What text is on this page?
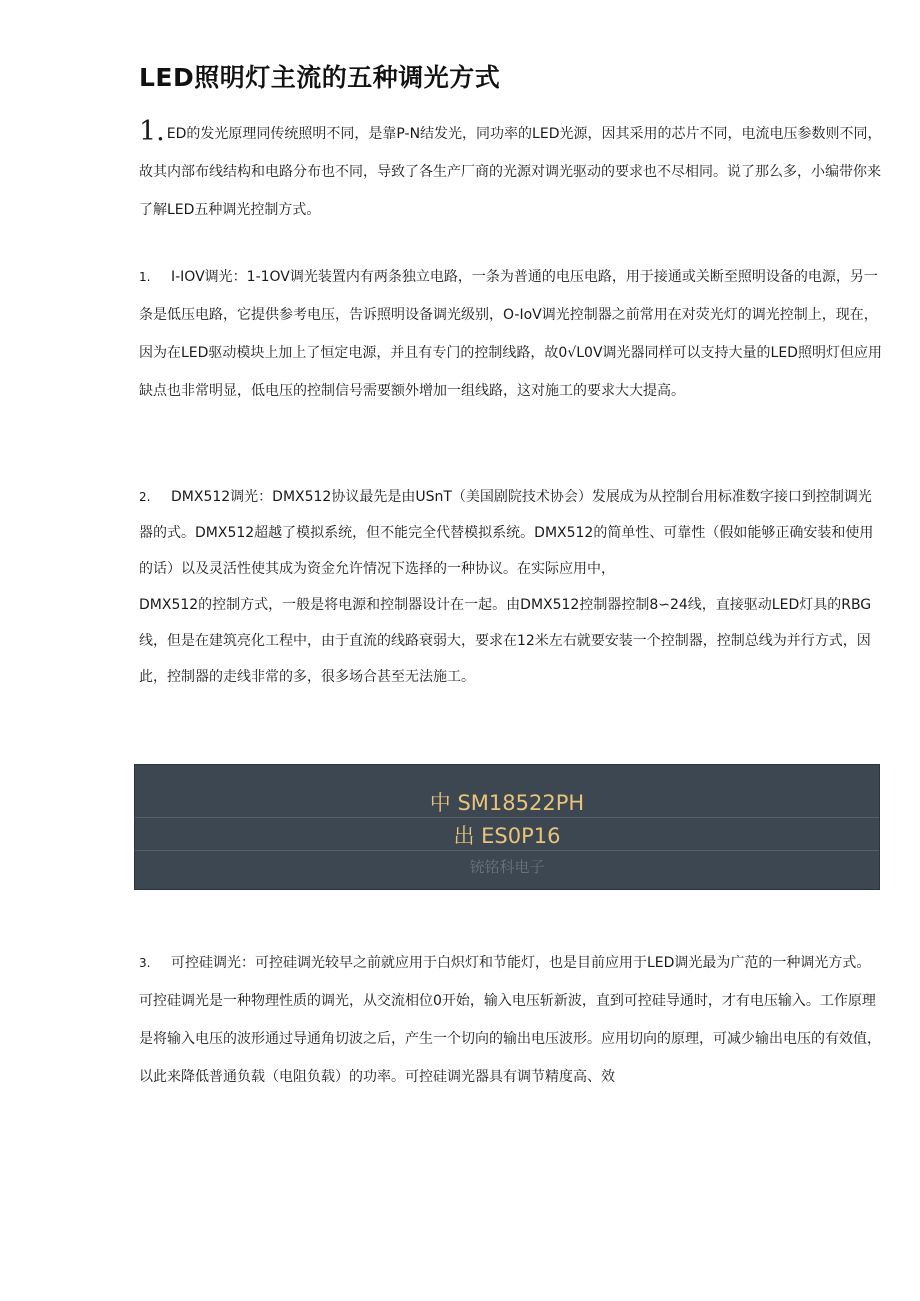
LED照明灯主流的五种调光方式

1. ED的发光原理同传统照明不同，是靠P-N结发光，同功率的LED光源，因其采用的芯片不同，电流电压参数则不同，故其内部布线结构和电路分布也不同，导致了各生产厂商的光源对调光驱动的要求也不尽相同。说了那么多，小编带你来了解LED五种调光控制方式。

1. I-IOV调光：1-1OV调光装置内有两条独立电路，一条为普通的电压电路，用于接通或关断至照明设备的电源，另一条是低压电路，它提供参考电压，告诉照明设备调光级别，O-IoV调光控制器之前常用在对荧光灯的调光控制上，现在，因为在LED驱动模块上加上了恒定电源，并且有专门的控制线路，故0√L0V调光器同样可以支持大量的LED照明灯但应用缺点也非常明显，低电压的控制信号需要额外增加一组线路，这对施工的要求大大提高。

2. DMX512调光：DMX512协议最先是由USnT（美国剧院技术协会）发展成为从控制台用标准数字接口到控制调光器的式。DMX512超越了模拟系统，但不能完全代替模拟系统。DMX512的简单性、可靠性（假如能够正确安装和使用的话）以及灵活性使其成为资金允许情况下选择的一种协议。在实际应用中，
DMX512的控制方式，一般是将电源和控制器设计在一起。由DMX512控制器控制8∽24线，直接驱动LED灯具的RBG线，但是在建筑亮化工程中，由于直流的线路衰弱大，要求在12米左右就要安装一个控制器，控制总线为并行方式，因此，控制器的走线非常的多，很多场合甚至无法施工。
中 SM18522PH
出 ES0P16
铳铭科电子

3. 可控硅调光：可控硅调光较早之前就应用于白炽灯和节能灯，也是目前应用于LED调光最为广范的一种调光方式。可控硅调光是一种物理性质的调光，从交流相位0开始，输入电压斩新波，直到可控硅导通时，才有电压输入。工作原理是将输入电压的波形通过导通角切波之后，产生一个切向的输出电压波形。应用切向的原理，可减少输出电压的有效值，以此来降低普通负载（电阻负载）的功率。可控硅调光器具有调节精度高、效
